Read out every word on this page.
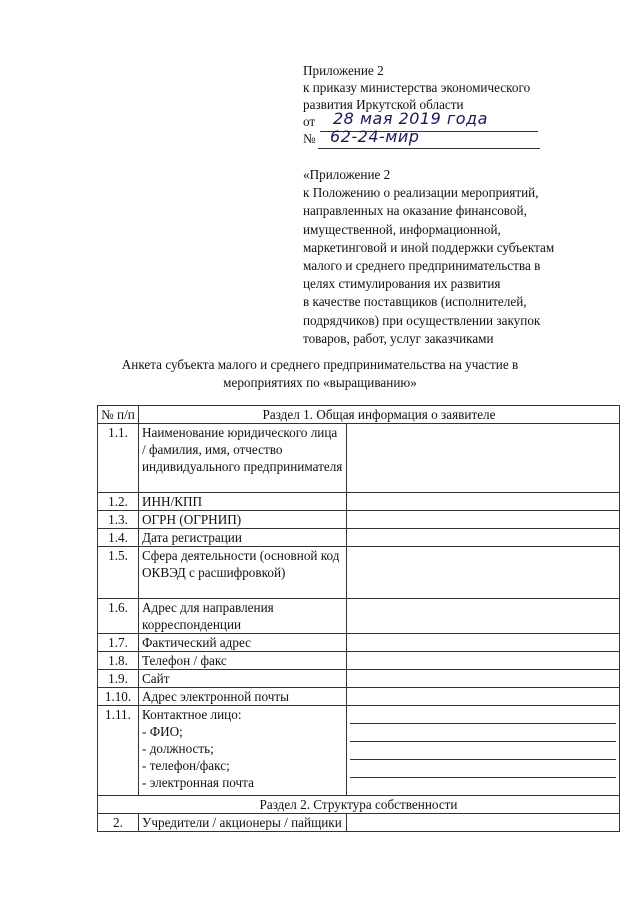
Приложение 2
к приказу министерства экономического
развития Иркутской области
от 28 мая 2019 года
№ 62-24-мир
«Приложение 2
к Положению о реализации мероприятий,
направленных на оказание финансовой,
имущественной, информационной,
маркетинговой и иной поддержки субъектам
малого и среднего предпринимательства в
целях стимулирования их развития
в качестве поставщиков (исполнителей,
подрядчиков) при осуществлении закупок
товаров, работ, услуг заказчиками
Анкета субъекта малого и среднего предпринимательства на участие в
мероприятиях по «выращиванию»
№ п/п	Раздел 1. Общая информация о заявителе	
1.1.	Наименование юридического лица / фамилия, имя, отчество индивидуального предпринимателя	
1.2.	ИНН/КПП	
1.3.	ОГРН (ОГРНИП)	
1.4.	Дата регистрации	
1.5.	Сфера деятельности (основной код ОКВЭД с расшифровкой)	
1.6.	Адрес для направления корреспонденции	
1.7.	Фактический адрес	
1.8.	Телефон / факс	
1.9.	Сайт	
1.10.	Адрес электронной почты	
1.11.	Контактное лицо:
- ФИО;
- должность;
- телефон/факс;
- электронная почта	

Раздел 2. Структура собственности		
2.	Учредители / акционеры / пайщики	
